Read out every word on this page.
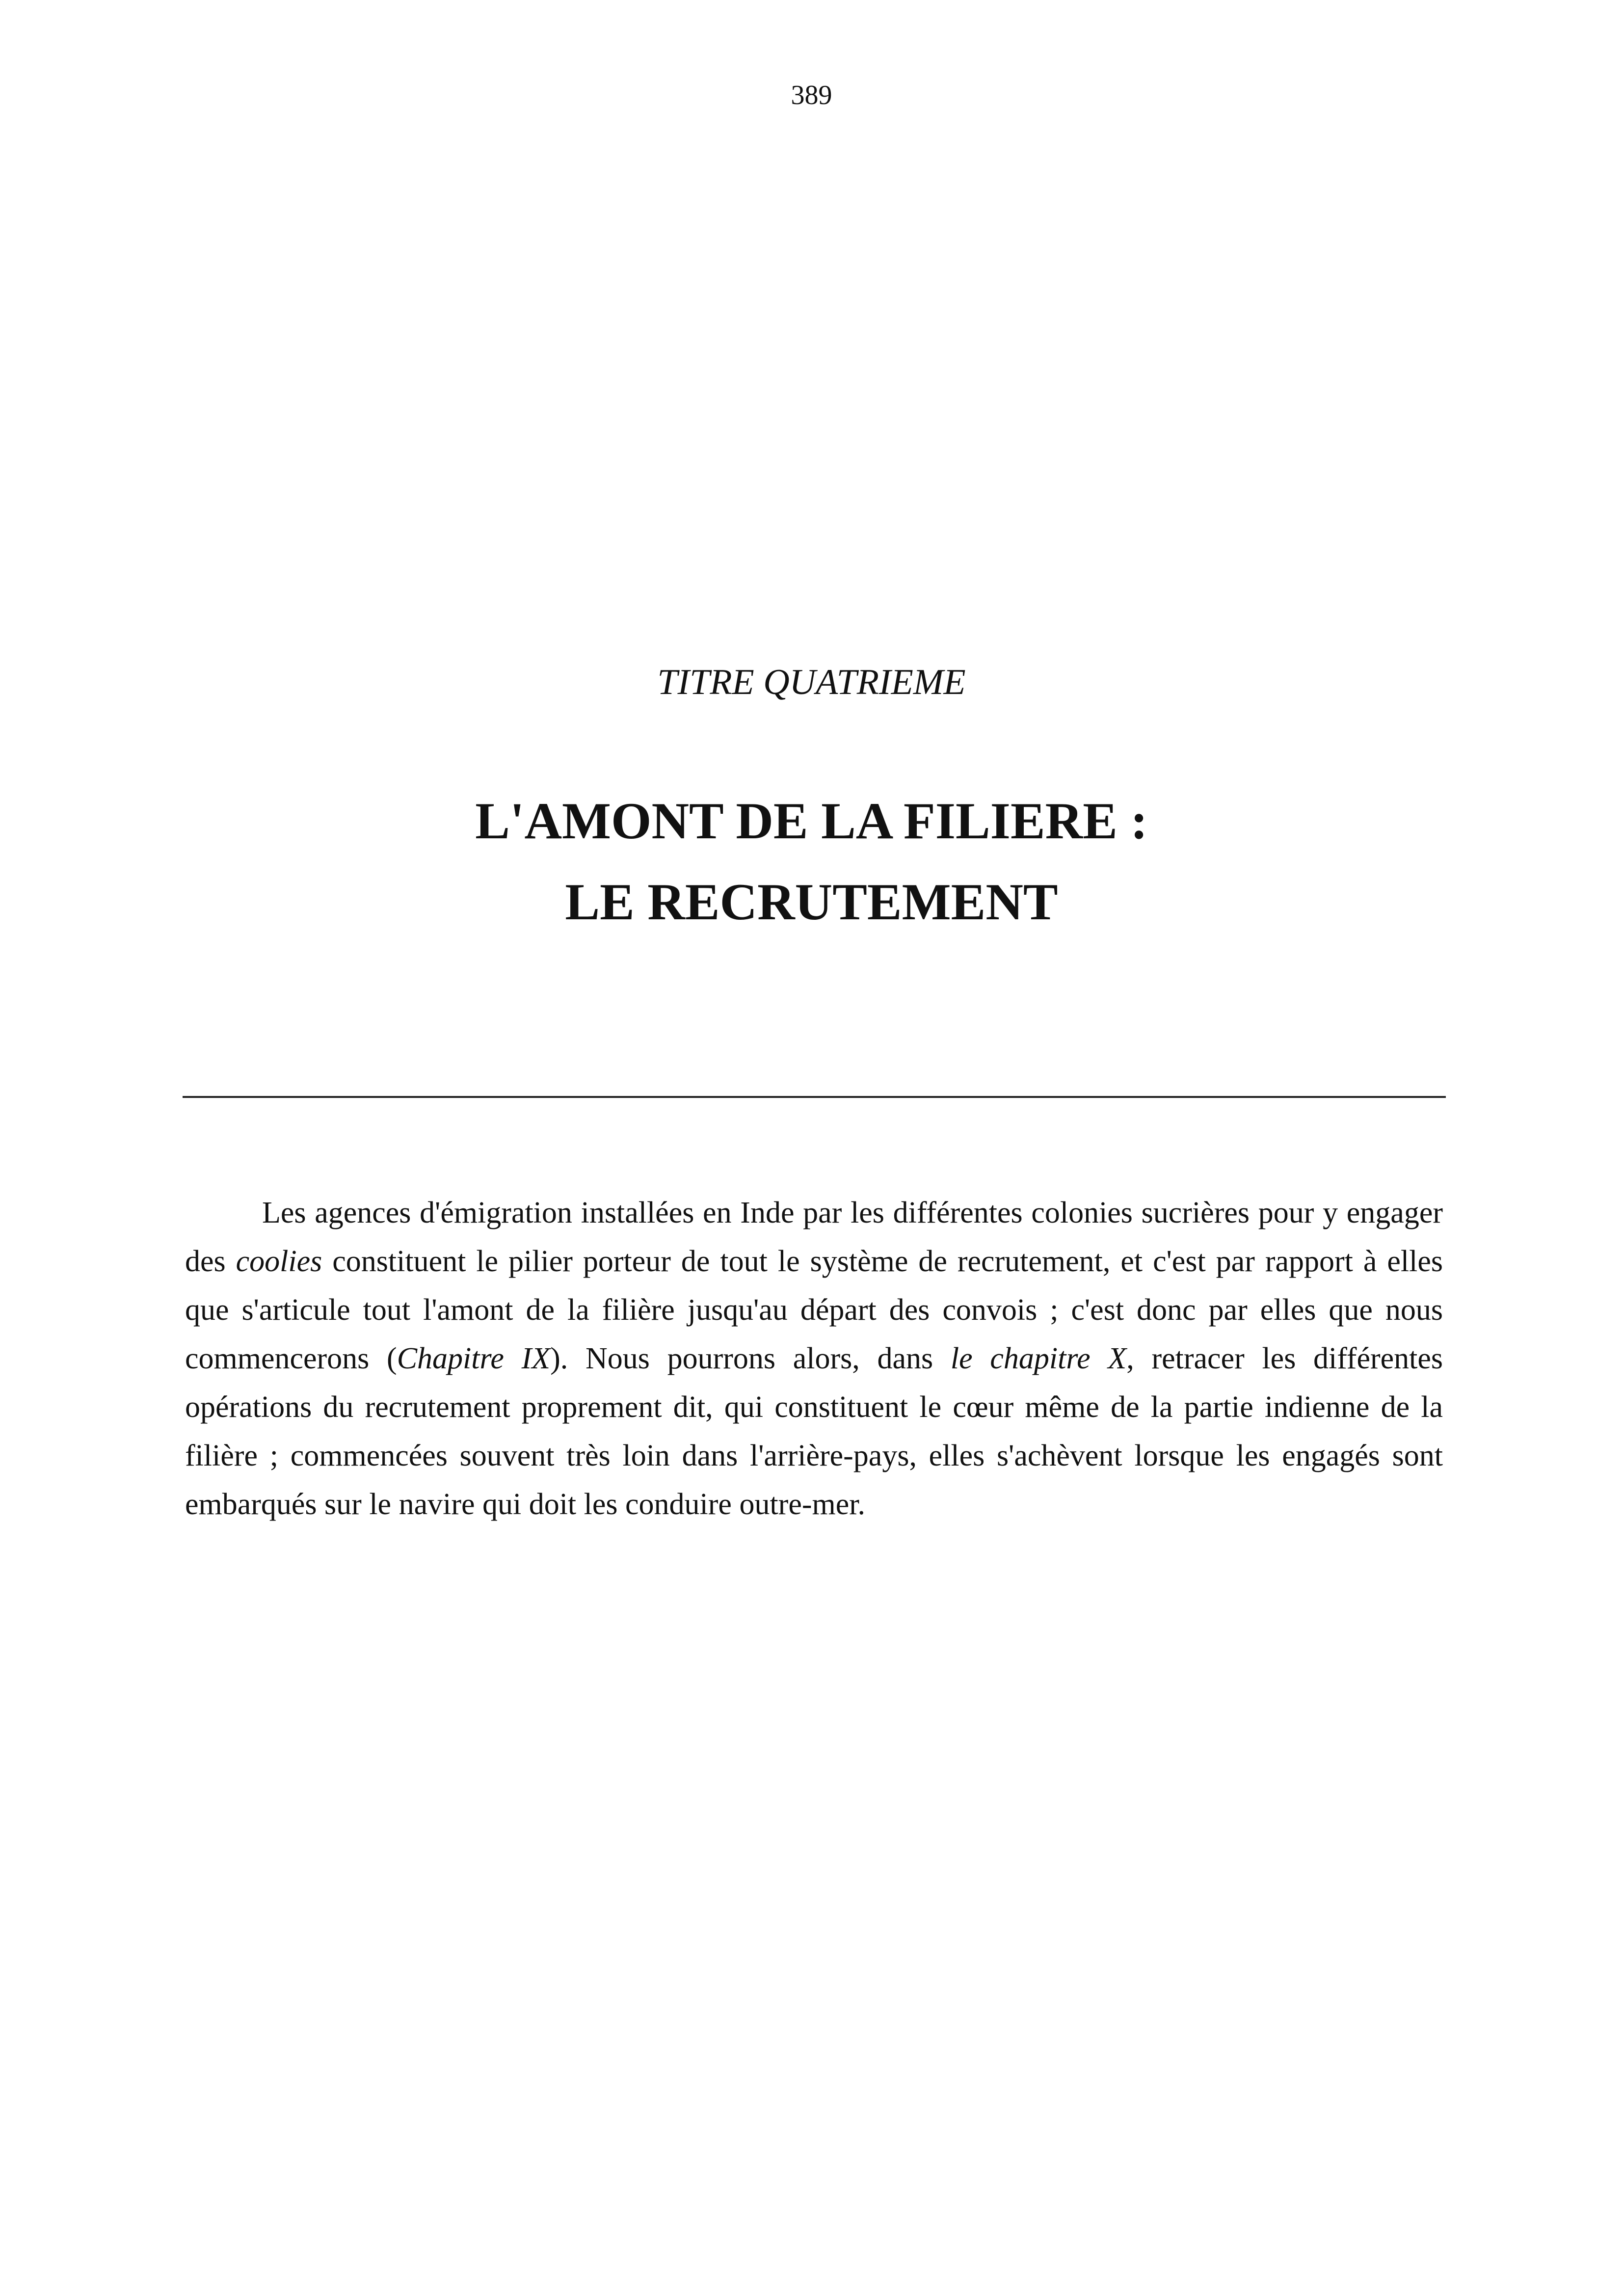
389
TITRE QUATRIEME
L'AMONT DE LA FILIERE :
LE RECRUTEMENT

Les agences d'émigration installées en Inde par les différentes colonies sucrières pour y engager des coolies constituent le pilier porteur de tout le système de recrutement, et c'est par rapport à elles que s'articule tout l'amont de la filière jusqu'au départ des convois ; c'est donc par elles que nous commencerons (Chapitre IX). Nous pourrons alors, dans le chapitre X, retracer les différentes opérations du recrutement proprement dit, qui constituent le cœur même de la partie indienne de la filière ; commencées souvent très loin dans l'arrière-pays, elles s'achèvent lorsque les engagés sont embarqués sur le navire qui doit les conduire outre-mer.
